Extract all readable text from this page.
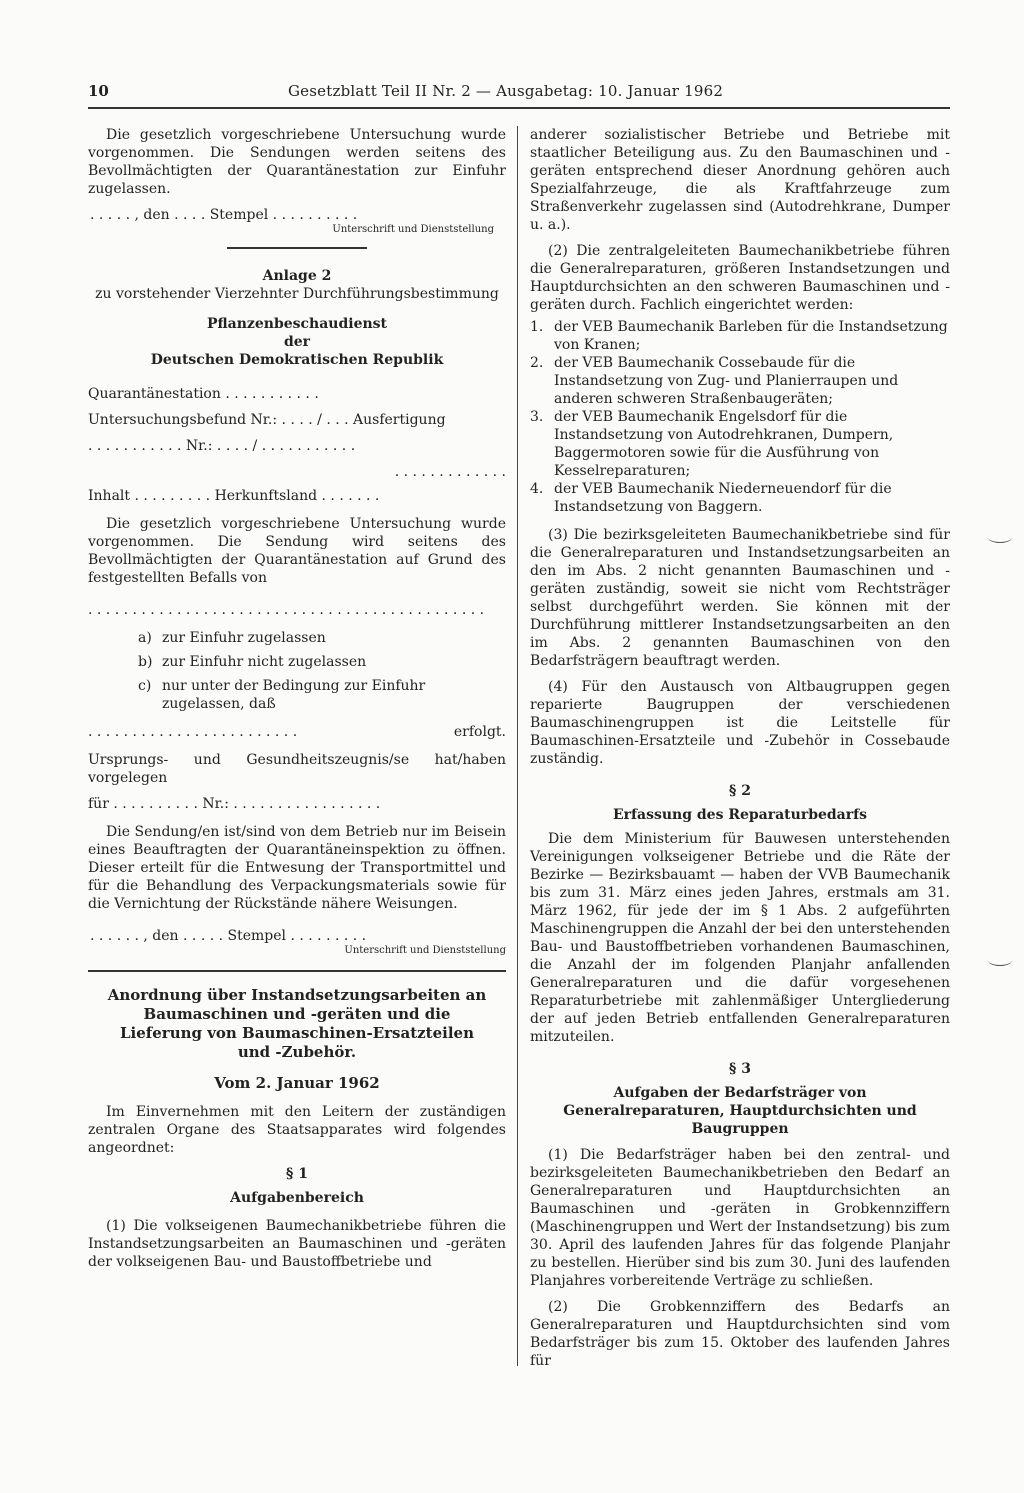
10	Gesetzblatt Teil II Nr. 2 — Ausgabetag: 10. Januar 1962

Die gesetzlich vorgeschriebene Untersuchung wurde vorgenommen. Die Sendungen werden seitens des Bevollmächtigten der Quarantänestation zur Einfuhr zugelassen.

. . . . . , den . . . . Stempel . . . . . . . . . .
Unterschrift und Dienststellung
Anlage 2
zu vorstehender Vierzehnter Durchführungsbestimmung
Pflanzenbeschaudienst
der
Deutschen Demokratischen Republik
Quarantänestation . . . . . . . . . . .
Untersuchungsbefund Nr.: . . . . / . . . Ausfertigung
. . . . . . . . . . . Nr.: . . . . / . . . . . . . . . . .
. . . . . . . . . . . . .
Inhalt . . . . . . . . . Herkunftsland . . . . . . .

Die gesetzlich vorgeschriebene Untersuchung wurde vorgenommen. Die Sendung wird seitens des Bevollmächtigten der Quarantänestation auf Grund des festgestellten Befalls von

. . . . . . . . . . . . . . . . . . . . . . . . . . . . . . . . . . . . . . . . . . . . .
a) zur Einfuhr zugelassen
b) zur Einfuhr nicht zugelassen
c) nur unter der Bedingung zur Einfuhr zugelassen, daß
. . . . . . . . . . . . . . . . . . . . . . . .	erfolgt.

Ursprungs- und Gesundheitszeugnis/se hat/haben vorgelegen

für . . . . . . . . . . Nr.: . . . . . . . . . . . . . . . . .

Die Sendung/en ist/sind von dem Betrieb nur im Beisein eines Beauftragten der Quarantäneinspektion zu öffnen. Dieser erteilt für die Entwesung der Transportmittel und für die Behandlung des Verpackungsmaterials sowie für die Vernichtung der Rückstände nähere Weisungen.

. . . . . . , den . . . . . Stempel . . . . . . . . .
Unterschrift und Dienststellung
Anordnung über Instandsetzungsarbeiten an Baumaschinen und -geräten und die Lieferung von Baumaschinen-Ersatzteilen und -Zubehör.
Vom 2. Januar 1962

Im Einvernehmen mit den Leitern der zuständigen zentralen Organe des Staatsapparates wird folgendes angeordnet:

§ 1
Aufgabenbereich

(1) Die volkseigenen Baumechanikbetriebe führen die Instandsetzungsarbeiten an Baumaschinen und -geräten der volkseigenen Bau- und Baustoffbetriebe und

anderer sozialistischer Betriebe und Betriebe mit staatlicher Beteiligung aus. Zu den Baumaschinen und -geräten entsprechend dieser Anordnung gehören auch Spezialfahrzeuge, die als Kraftfahrzeuge zum Straßenverkehr zugelassen sind (Autodrehkrane, Dumper u. a.).

(2) Die zentralgeleiteten Baumechanikbetriebe führen die Generalreparaturen, größeren Instandsetzungen und Hauptdurchsichten an den schweren Baumaschinen und -geräten durch. Fachlich eingerichtet werden:

1. der VEB Baumechanik Barleben für die Instandsetzung von Kranen;
2. der VEB Baumechanik Cossebaude für die Instandsetzung von Zug- und Planierraupen und anderen schweren Straßenbaugeräten;
3. der VEB Baumechanik Engelsdorf für die Instandsetzung von Autodrehkranen, Dumpern, Baggermotoren sowie für die Ausführung von Kesselreparaturen;
4. der VEB Baumechanik Niederneuendorf für die Instandsetzung von Baggern.

(3) Die bezirksgeleiteten Baumechanikbetriebe sind für die Generalreparaturen und Instandsetzungsarbeiten an den im Abs. 2 nicht genannten Baumaschinen und -geräten zuständig, soweit sie nicht vom Rechtsträger selbst durchgeführt werden. Sie können mit der Durchführung mittlerer Instandsetzungsarbeiten an den im Abs. 2 genannten Baumaschinen von den Bedarfsträgern beauftragt werden.

(4) Für den Austausch von Altbaugruppen gegen reparierte Baugruppen der verschiedenen Baumaschinengruppen ist die Leitstelle für Baumaschinen-Ersatzteile und -Zubehör in Cossebaude zuständig.

§ 2
Erfassung des Reparaturbedarfs

Die dem Ministerium für Bauwesen unterstehenden Vereinigungen volkseigener Betriebe und die Räte der Bezirke — Bezirksbauamt — haben der VVB Baumechanik bis zum 31. März eines jeden Jahres, erstmals am 31. März 1962, für jede der im § 1 Abs. 2 aufgeführten Maschinengruppen die Anzahl der bei den unterstehenden Bau- und Baustoffbetrieben vorhandenen Baumaschinen, die Anzahl der im folgenden Planjahr anfallenden Generalreparaturen und die dafür vorgesehenen Reparaturbetriebe mit zahlenmäßiger Untergliederung der auf jeden Betrieb entfallenden Generalreparaturen mitzuteilen.

§ 3
Aufgaben der Bedarfsträger von Generalreparaturen, Hauptdurchsichten und Baugruppen

(1) Die Bedarfsträger haben bei den zentral- und bezirksgeleiteten Baumechanikbetrieben den Bedarf an Generalreparaturen und Hauptdurchsichten an Baumaschinen und -geräten in Grobkennziffern (Maschinengruppen und Wert der Instandsetzung) bis zum 30. April des laufenden Jahres für das folgende Planjahr zu bestellen. Hierüber sind bis zum 30. Juni des laufenden Planjahres vorbereitende Verträge zu schließen.

(2) Die Grobkennziffern des Bedarfs an Generalreparaturen und Hauptdurchsichten sind vom Bedarfsträger bis zum 15. Oktober des laufenden Jahres für
